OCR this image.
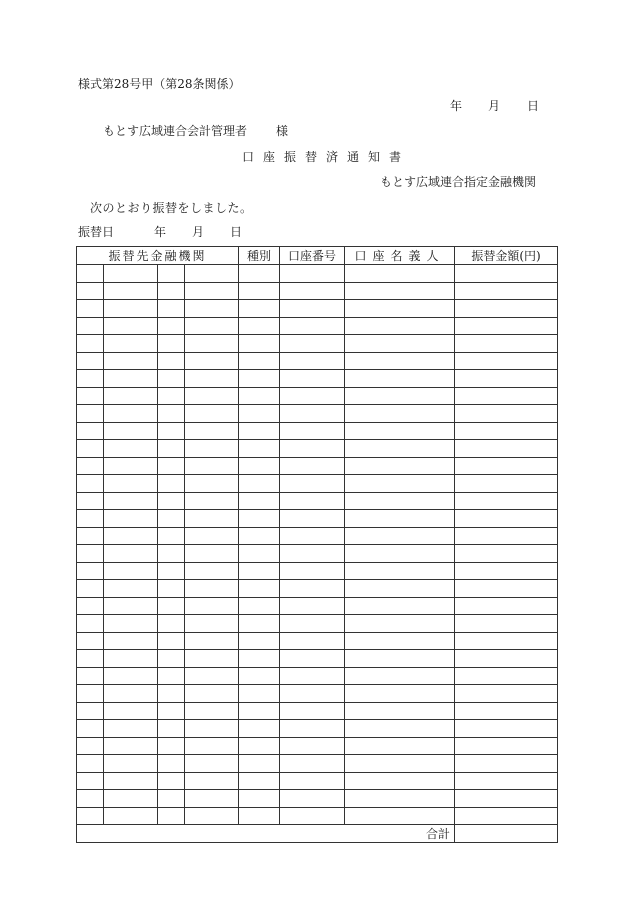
様式第28号甲（第28条関係）
年 月 日
もとす広域連合会計管理者 様
口座振替済通知書
もとす広域連合指定金融機関
次のとおり振替をしました。
振替日	年 月 日
振替先金融機関				種別	口座番号	口座名義人	振替金額(円)

合計							
